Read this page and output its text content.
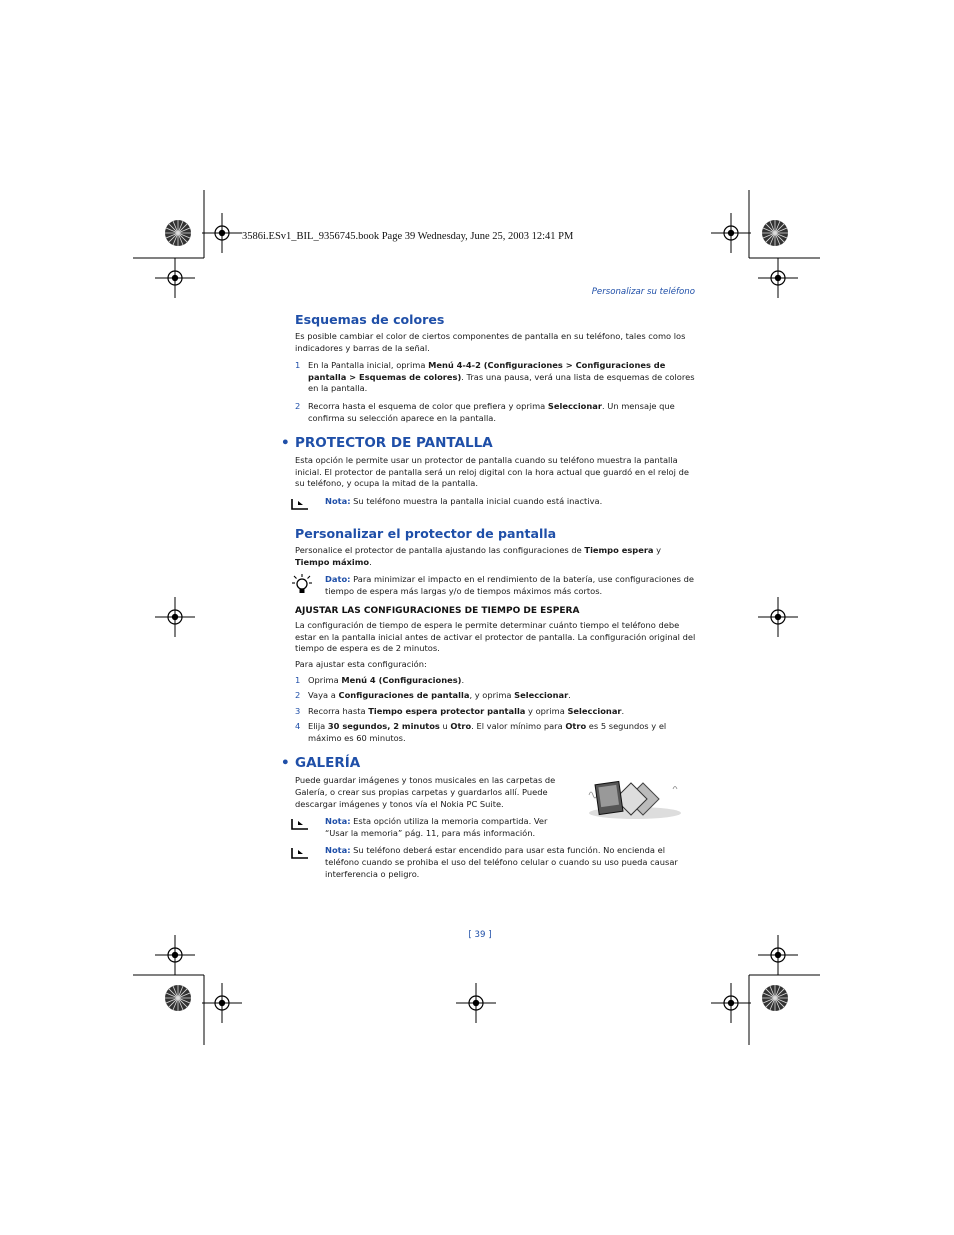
3586i.ESv1_BIL_9356745.book Page 39 Wednesday, June 25, 2003 12:41 PM
Personalizar su teléfono
Esquemas de colores

Es posible cambiar el color de ciertos componentes de pantalla en su teléfono, tales como los indicadores y barras de la señal.

1 En la Pantalla inicial, oprima Menú 4-4-2 (Configuraciones > Configuraciones de pantalla > Esquemas de colores). Tras una pausa, verá una lista de esquemas de colores en la pantalla.
2 Recorra hasta el esquema de color que prefiera y oprima Seleccionar. Un mensaje que confirma su selección aparece en la pantalla.
• PROTECTOR DE PANTALLA

Esta opción le permite usar un protector de pantalla cuando su teléfono muestra la pantalla inicial. El protector de pantalla será un reloj digital con la hora actual que guardó en el reloj de su teléfono, y ocupa la mitad de la pantalla.

Nota: Su teléfono muestra la pantalla inicial cuando está inactiva.
Personalizar el protector de pantalla

Personalice el protector de pantalla ajustando las configuraciones de Tiempo espera y Tiempo máximo.

Dato: Para minimizar el impacto en el rendimiento de la batería, use configuraciones de tiempo de espera más largas y/o de tiempos máximos más cortos.
AJUSTAR LAS CONFIGURACIONES DE TIEMPO DE ESPERA

La configuración de tiempo de espera le permite determinar cuánto tiempo el teléfono debe estar en la pantalla inicial antes de activar el protector de pantalla. La configuración original del tiempo de espera es de 2 minutos.

Para ajustar esta configuración:

1 Oprima Menú 4 (Configuraciones).
2 Vaya a Configuraciones de pantalla, y oprima Seleccionar.
3 Recorra hasta Tiempo espera protector pantalla y oprima Seleccionar.
4 Elija 30 segundos, 2 minutos u Otro. El valor mínimo para Otro es 5 segundos y el máximo es 60 minutos.
• GALERÍA

Puede guardar imágenes y tonos musicales en las carpetas de Galería, o crear sus propias carpetas y guardarlos allí. Puede descargar imágenes y tonos vía el Nokia PC Suite.

Nota: Esta opción utiliza la memoria compartida. Ver “Usar la memoria” pág. 11, para más información.
Nota: Su teléfono deberá estar encendido para usar esta función. No encienda el teléfono cuando se prohiba el uso del teléfono celular o cuando su uso pueda causar interferencia o peligro.
[ 39 ]
